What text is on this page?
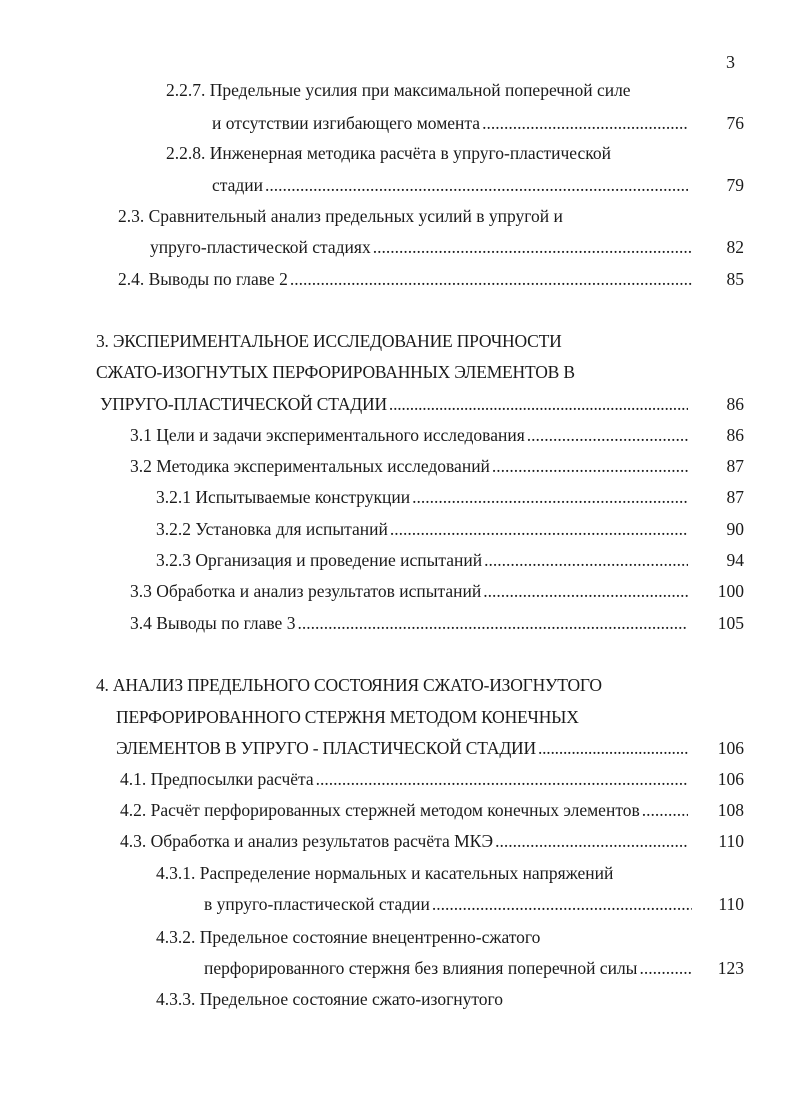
3
2.2.7. Предельные усилия при максимальной поперечной силе
и отсутствии изгибающего момента .....	76
2.2.8. Инженерная методика расчёта в упруго-пластической
стадии .....	79
2.3. Сравнительный анализ предельных усилий в упругой и
упруго-пластической стадиях .....	82
2.4. Выводы по главе 2 .....	85
3. ЭКСПЕРИМЕНТАЛЬНОЕ ИССЛЕДОВАНИЕ ПРОЧНОСТИ
СЖАТО-ИЗОГНУТЫХ ПЕРФОРИРОВАННЫХ ЭЛЕМЕНТОВ В
УПРУГО-ПЛАСТИЧЕСКОЙ СТАДИИ .....	86
3.1 Цели и задачи экспериментального исследования .....	86
3.2 Методика экспериментальных исследований .....	87
3.2.1 Испытываемые конструкции .....	87
3.2.2 Установка для испытаний .....	90
3.2.3 Организация и проведение испытаний .....	94
3.3 Обработка и анализ результатов испытаний .....	100
3.4 Выводы по главе 3 .....	105
4. АНАЛИЗ ПРЕДЕЛЬНОГО СОСТОЯНИЯ СЖАТО-ИЗОГНУТОГО
ПЕРФОРИРОВАННОГО СТЕРЖНЯ МЕТОДОМ КОНЕЧНЫХ
ЭЛЕМЕНТОВ В УПРУГО - ПЛАСТИЧЕСКОЙ СТАДИИ .....	106
4.1. Предпосылки расчёта .....	106
4.2. Расчёт перфорированных стержней методом конечных элементов .....	108
4.3. Обработка и анализ результатов расчёта МКЭ .....	110
4.3.1. Распределение нормальных и касательных напряжений
в упруго-пластической стадии .....	110
4.3.2. Предельное состояние внецентренно-сжатого
перфорированного стержня без влияния поперечной силы .....	123
4.3.3. Предельное состояние сжато-изогнутого
